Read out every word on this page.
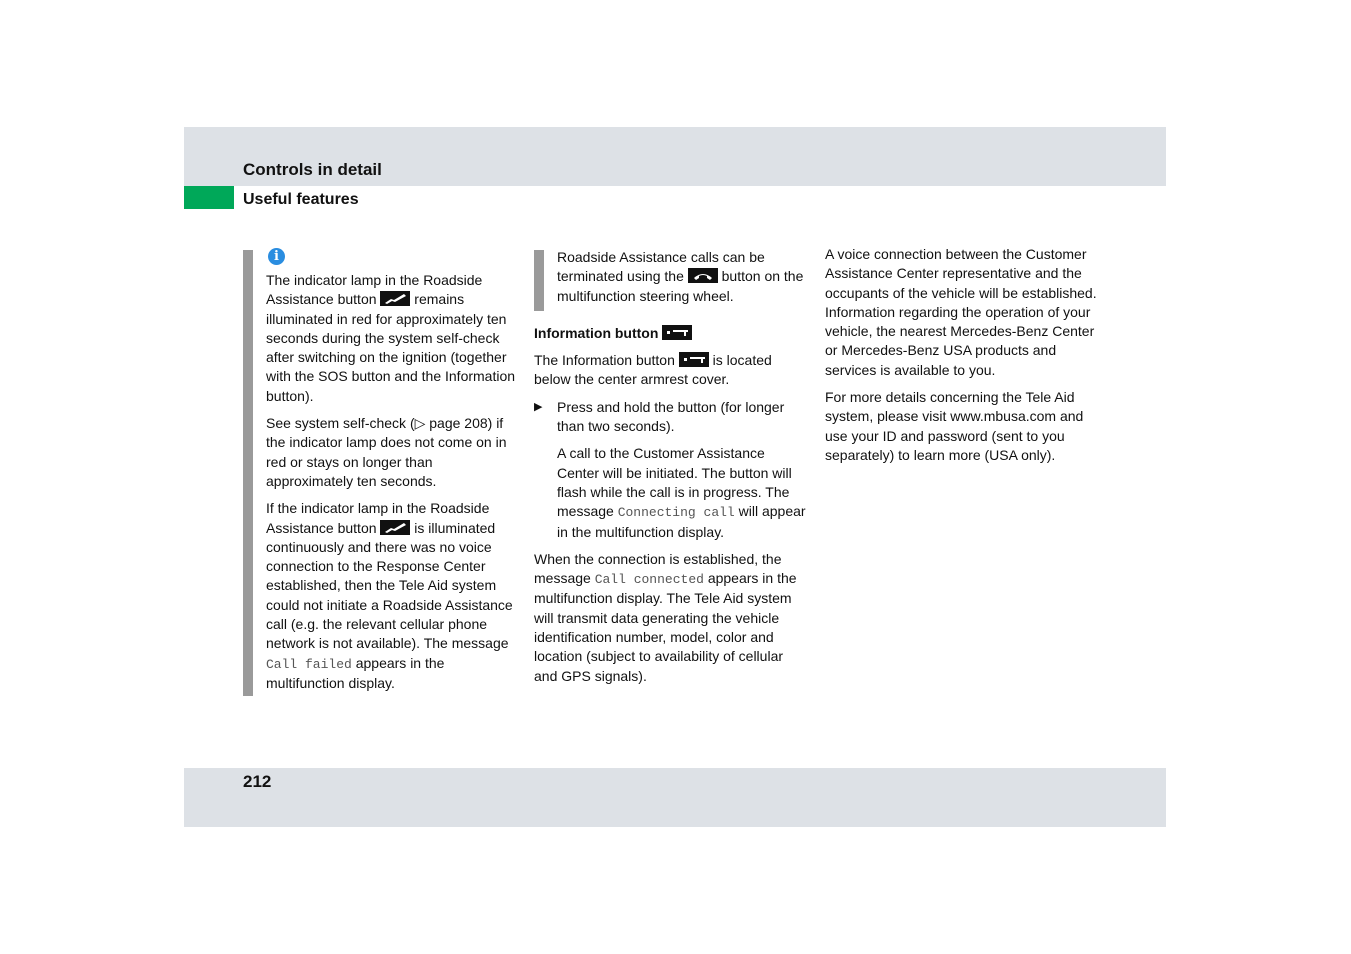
Controls in detail
Useful features
i

The indicator lamp in the Roadside Assistance button	remains illuminated in red for approximately ten seconds during the system self-check after switching on the ignition (together with the SOS button and the Information button).

See system self-check (▷ page 208) if the indicator lamp does not come on in red or stays on longer than approximately ten seconds.

If the indicator lamp in the Roadside Assistance button	is illuminated continuously and there was no voice connection to the Response Center established, then the Tele Aid system could not initiate a Roadside Assistance call (e.g. the relevant cellular phone network is not available). The message Call failed appears in the multifunction display.

Roadside Assistance calls can be terminated using the	button on the multifunction steering wheel.

Information button

The Information button	is located below the center armrest cover.

▶ Press and hold the button (for longer than two seconds).

A call to the Customer Assistance Center will be initiated. The button will flash while the call is in progress. The message Connecting call will appear in the multifunction display.

When the connection is established, the message Call connected appears in the multifunction display. The Tele Aid system will transmit data generating the vehicle identification number, model, color and location (subject to availability of cellular and GPS signals).

A voice connection between the Customer Assistance Center representative and the occupants of the vehicle will be established. Information regarding the operation of your vehicle, the nearest Mercedes-Benz Center or Mercedes-Benz USA products and services is available to you.

For more details concerning the Tele Aid system, please visit www.mbusa.com and use your ID and password (sent to you separately) to learn more (USA only).

212
